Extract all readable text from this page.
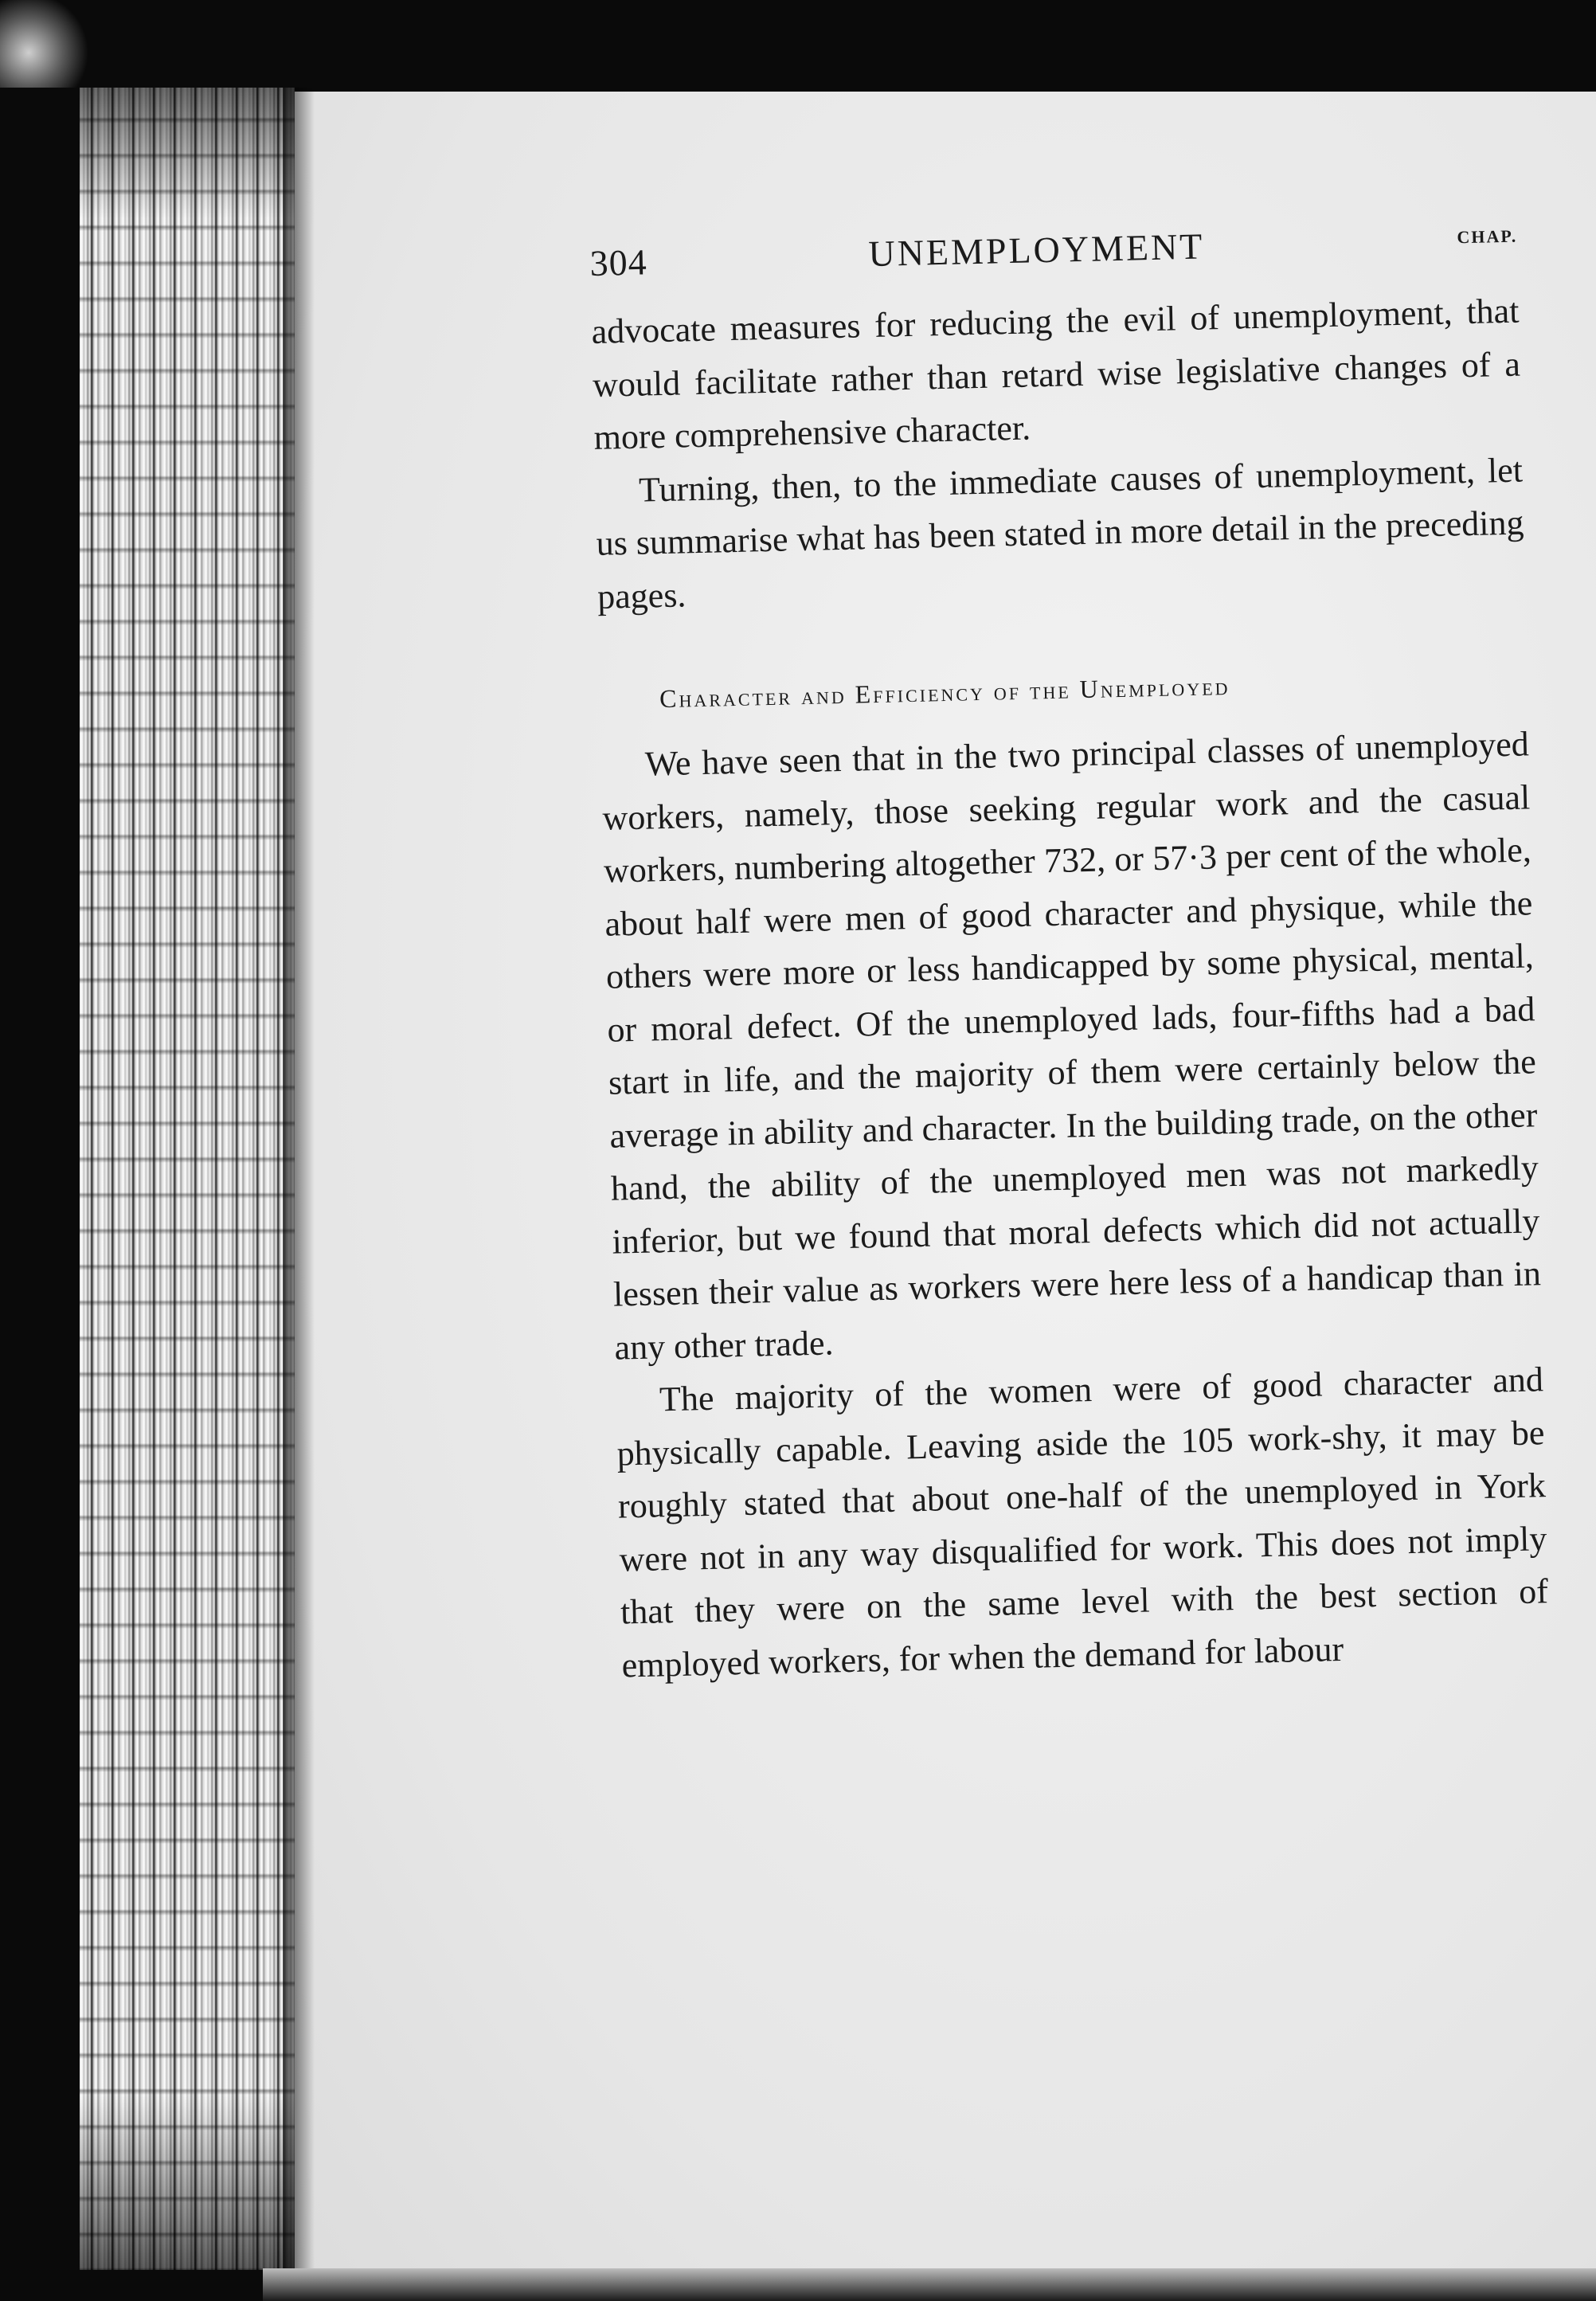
304	UNEMPLOYMENT	CHAP.

advocate measures for reducing the evil of unemployment, that would facilitate rather than retard wise legislative changes of a more comprehensive character.

Turning, then, to the immediate causes of unemployment, let us summarise what has been stated in more detail in the preceding pages.

Character and Efficiency of the Unemployed

We have seen that in the two principal classes of unemployed workers, namely, those seeking regular work and the casual workers, numbering altogether 732, or 57·3 per cent of the whole, about half were men of good character and physique, while the others were more or less handicapped by some physical, mental, or moral defect. Of the unemployed lads, four-fifths had a bad start in life, and the majority of them were certainly below the average in ability and character. In the building trade, on the other hand, the ability of the unemployed men was not markedly inferior, but we found that moral defects which did not actually lessen their value as workers were here less of a handicap than in any other trade.

The majority of the women were of good character and physically capable. Leaving aside the 105 work-shy, it may be roughly stated that about one-half of the unemployed in York were not in any way disqualified for work. This does not imply that they were on the same level with the best section of employed workers, for when the demand for labour
